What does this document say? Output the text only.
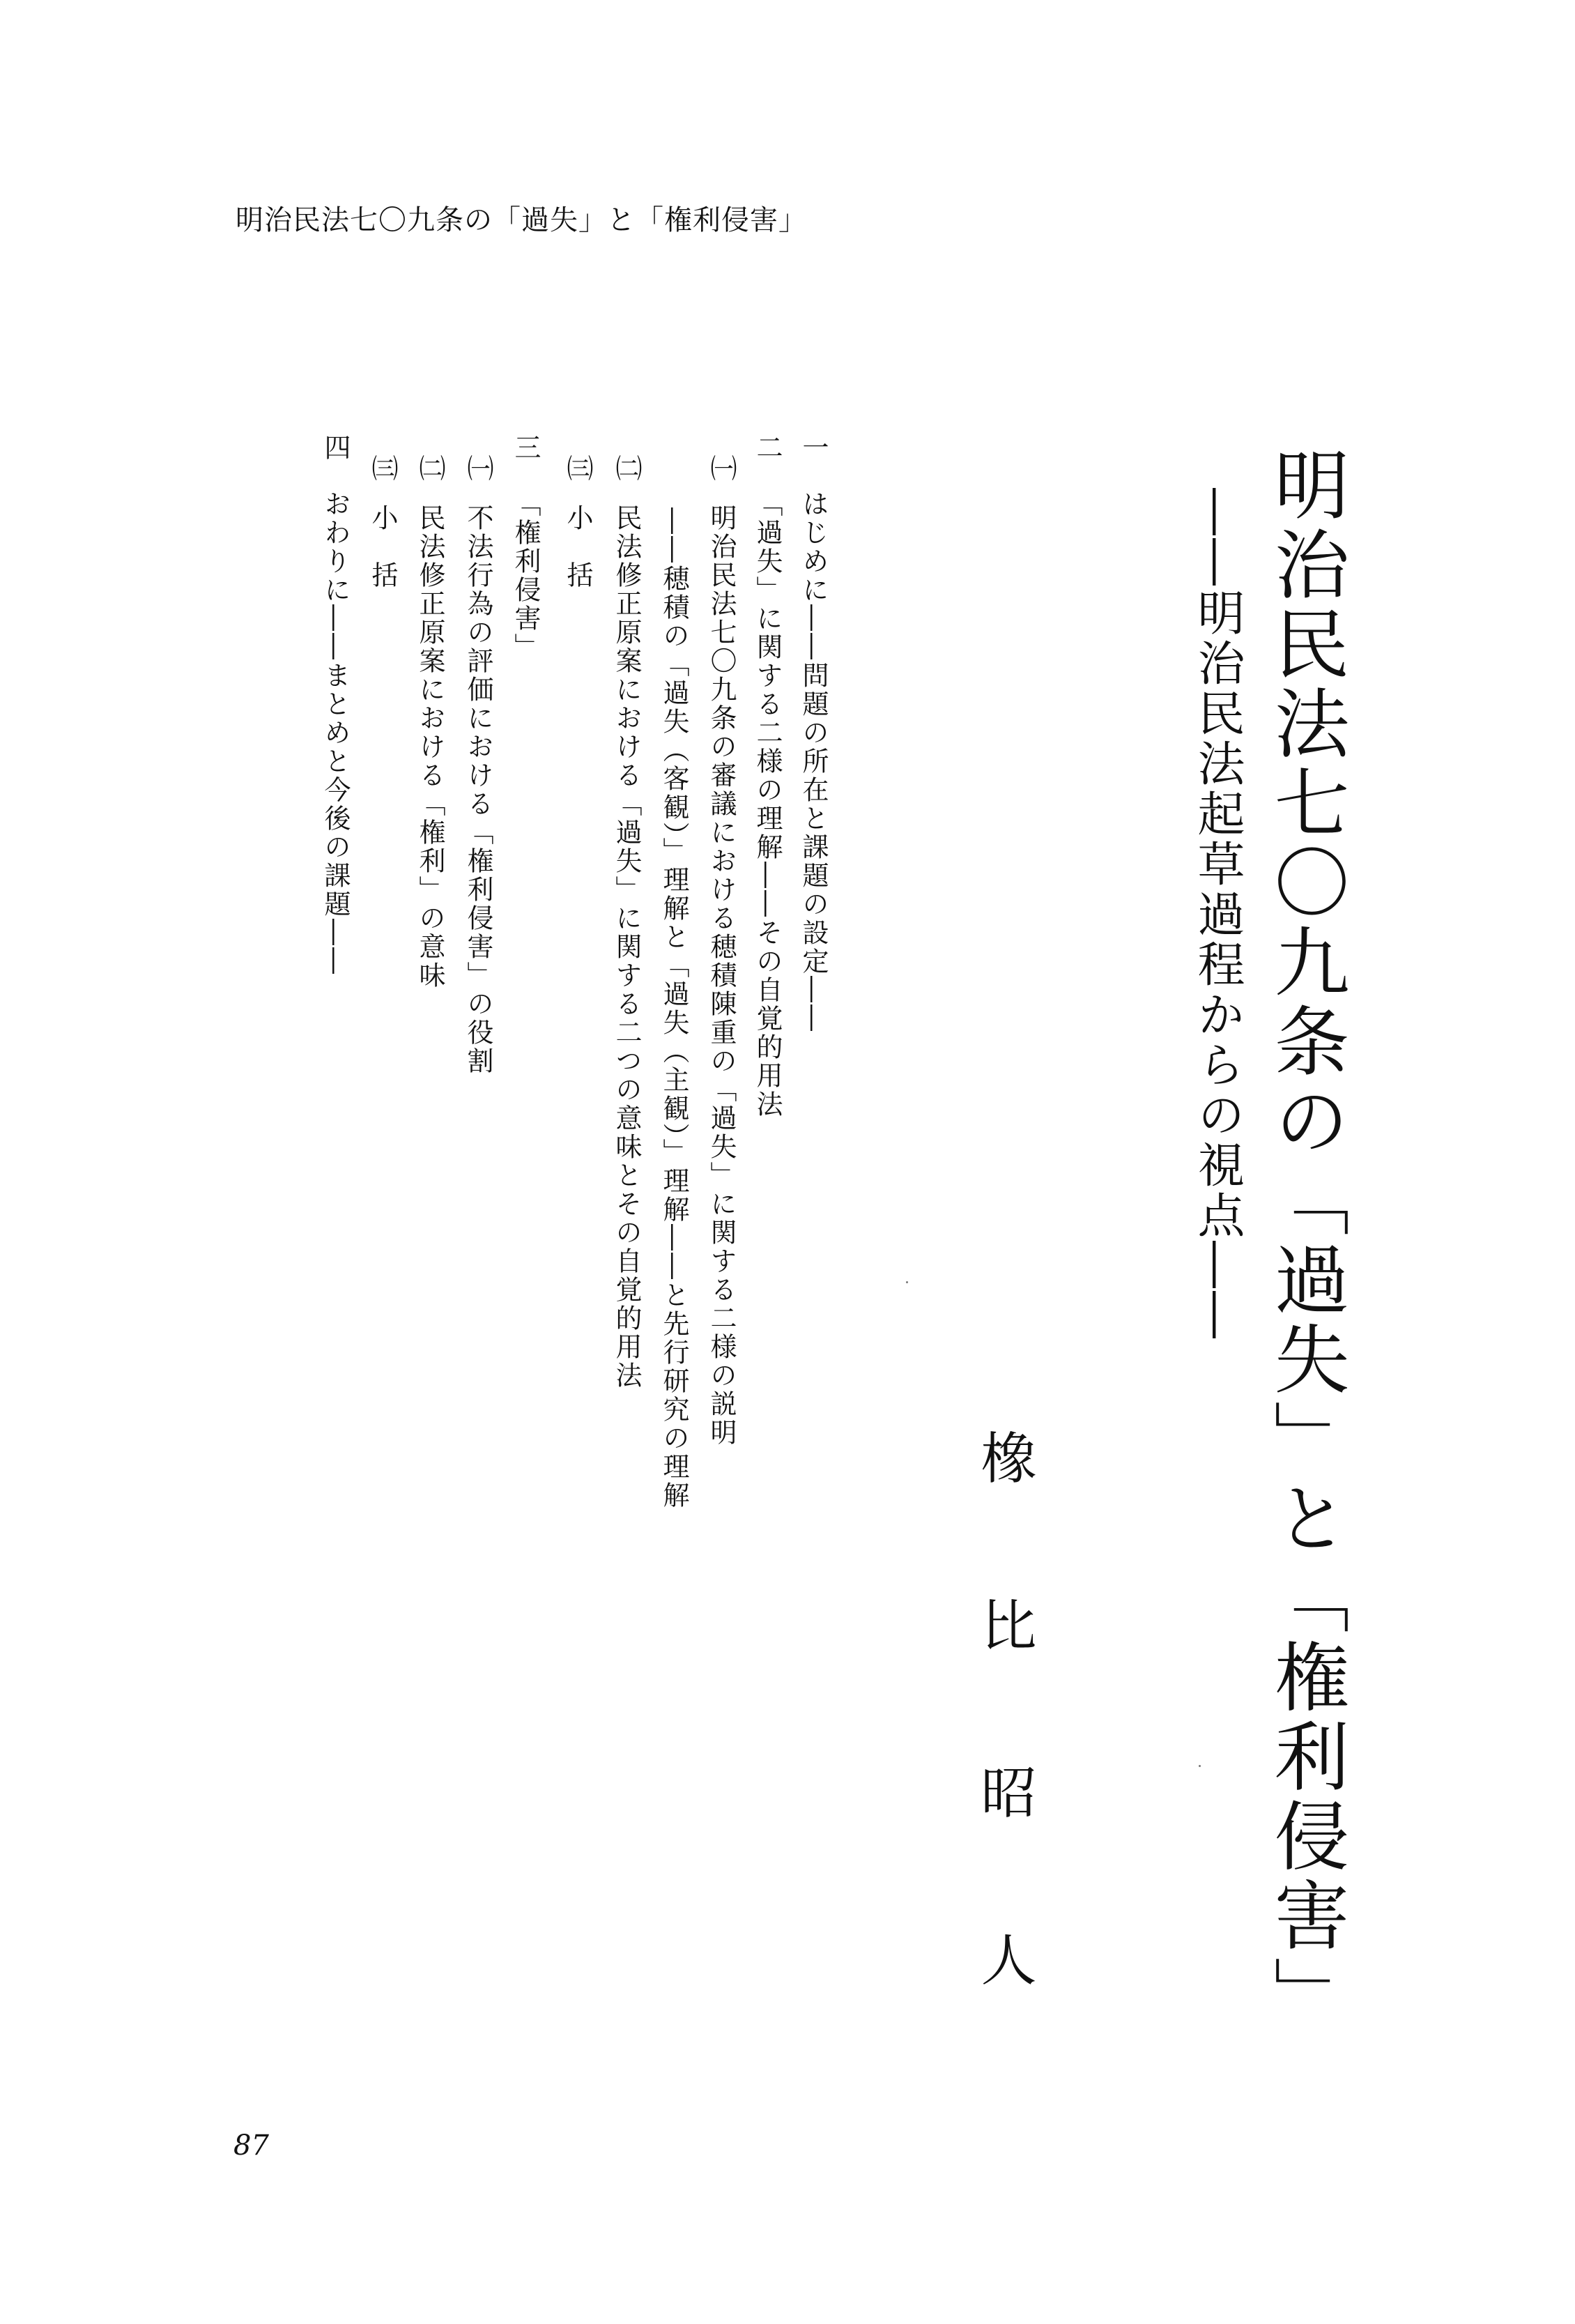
明治民法七〇九条の「過失」と「権利侵害」
明治民法七〇九条の「過失」と「権利侵害」
――明治民法起草過程からの視点――
橡比昭人
一はじめに――問題の所在と課題の設定――
二「過失」に関する二様の理解――その自覚的用法
㈠明治民法七〇九条の審議における穂積陳重の「過失」に関する二様の説明
――穂積の「過失（客観）」理解と「過失（主観）」理解――と先行研究の理解
㈡民法修正原案における「過失」に関する二つの意味とその自覚的用法
㈢小　括
三「権利侵害」
㈠不法行為の評価における「権利侵害」の役割
㈡民法修正原案における「権利」の意味
㈢小　括
四おわりに――まとめと今後の課題――
87
